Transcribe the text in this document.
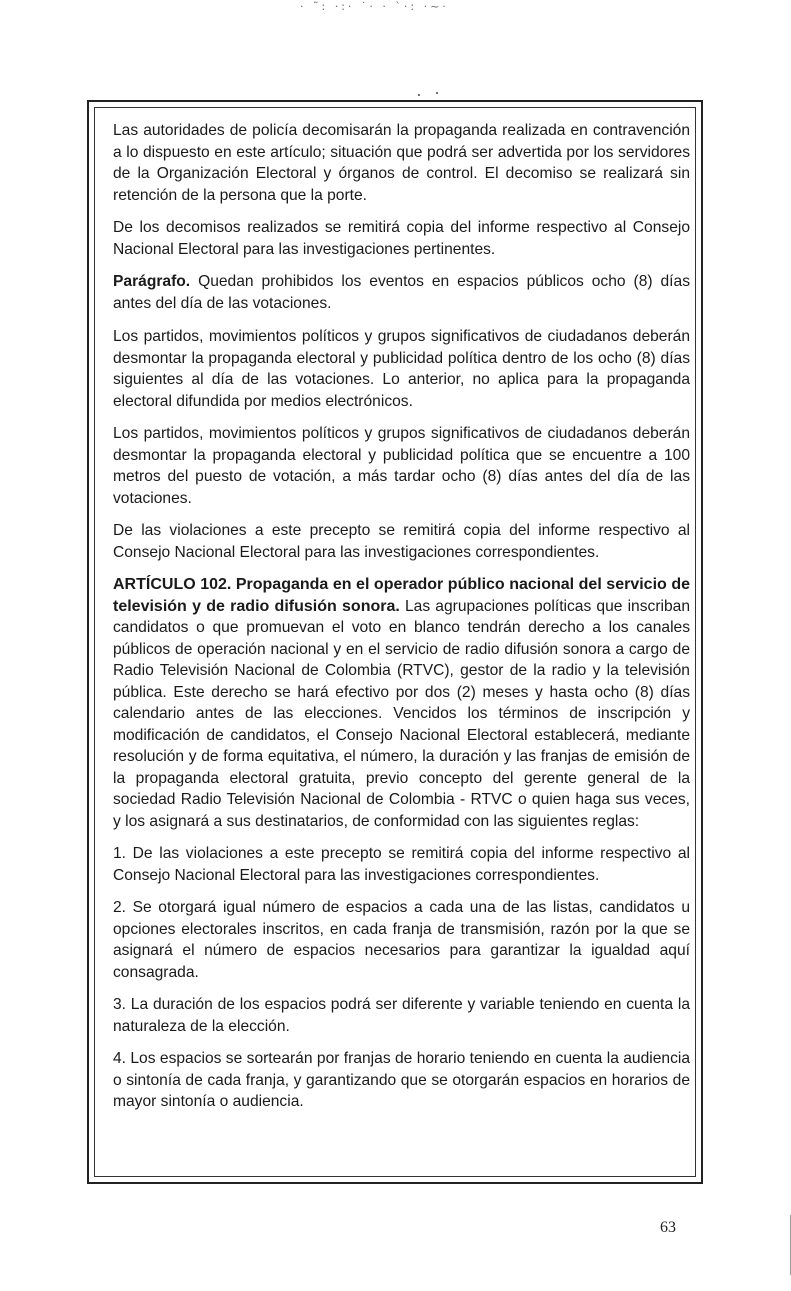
· ˜: ·:· ˙· · `·: ·~·

Las autoridades de policía decomisarán la propaganda realizada en contravención a lo dispuesto en este artículo; situación que podrá ser advertida por los servidores de la Organización Electoral y órganos de control. El decomiso se realizará sin retención de la persona que la porte.

De los decomisos realizados se remitirá copia del informe respectivo al Consejo Nacional Electoral para las investigaciones pertinentes.

Parágrafo. Quedan prohibidos los eventos en espacios públicos ocho (8) días antes del día de las votaciones.

Los partidos, movimientos políticos y grupos significativos de ciudadanos deberán desmontar la propaganda electoral y publicidad política dentro de los ocho (8) días siguientes al día de las votaciones. Lo anterior, no aplica para la propaganda electoral difundida por medios electrónicos.

Los partidos, movimientos políticos y grupos significativos de ciudadanos deberán desmontar la propaganda electoral y publicidad política que se encuentre a 100 metros del puesto de votación, a más tardar ocho (8) días antes del día de las votaciones.

De las violaciones a este precepto se remitirá copia del informe respectivo al Consejo Nacional Electoral para las investigaciones correspondientes.

ARTÍCULO 102. Propaganda en el operador público nacional del servicio de televisión y de radio difusión sonora. Las agrupaciones políticas que inscriban candidatos o que promuevan el voto en blanco tendrán derecho a los canales públicos de operación nacional y en el servicio de radio difusión sonora a cargo de Radio Televisión Nacional de Colombia (RTVC), gestor de la radio y la televisión pública. Este derecho se hará efectivo por dos (2) meses y hasta ocho (8) días calendario antes de las elecciones. Vencidos los términos de inscripción y modificación de candidatos, el Consejo Nacional Electoral establecerá, mediante resolución y de forma equitativa, el número, la duración y las franjas de emisión de la propaganda electoral gratuita, previo concepto del gerente general de la sociedad Radio Televisión Nacional de Colombia - RTVC o quien haga sus veces, y los asignará a sus destinatarios, de conformidad con las siguientes reglas:

1. De las violaciones a este precepto se remitirá copia del informe respectivo al Consejo Nacional Electoral para las investigaciones correspondientes.

2. Se otorgará igual número de espacios a cada una de las listas, candidatos u opciones electorales inscritos, en cada franja de transmisión, razón por la que se asignará el número de espacios necesarios para garantizar la igualdad aquí consagrada.

3. La duración de los espacios podrá ser diferente y variable teniendo en cuenta la naturaleza de la elección.

4. Los espacios se sortearán por franjas de horario teniendo en cuenta la audiencia o sintonía de cada franja, y garantizando que se otorgarán espacios en horarios de mayor sintonía o audiencia.

63
